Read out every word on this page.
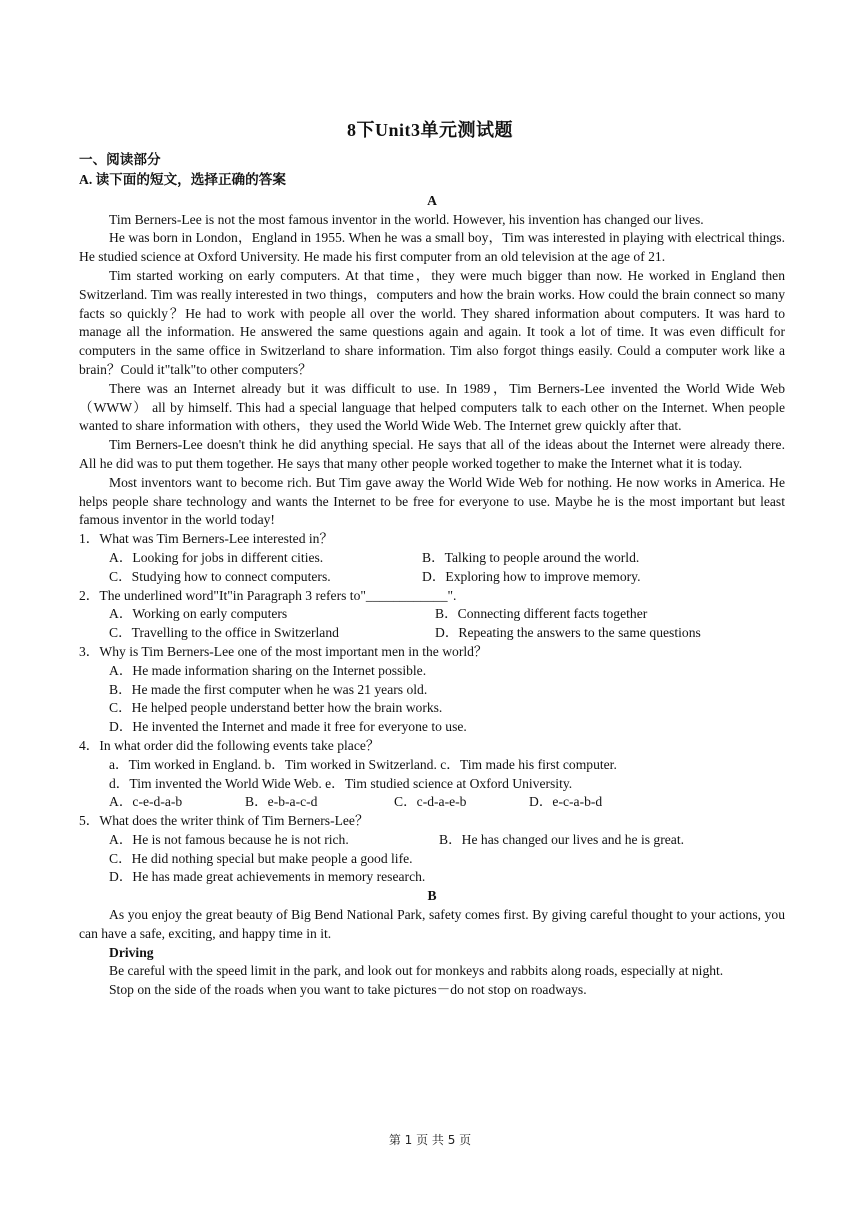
8下Unit3单元测试题
一、阅读部分
A. 读下面的短文，选择正确的答案
A

Tim Berners-Lee is not the most famous inventor in the world. However, his invention has changed our lives.

He was born in London，England in 1955. When he was a small boy，Tim was interested in playing with electrical things. He studied science at Oxford University. He made his first computer from an old television at the age of 21.

Tim started working on early computers. At that time，they were much bigger than now. He worked in England then Switzerland. Tim was really interested in two things，computers and how the brain works. How could the brain connect so many facts so quickly？He had to work with people all over the world. They shared information about computers. It was hard to manage all the information. He answered the same questions again and again. It took a lot of time. It was even difficult for computers in the same office in Switzerland to share information. Tim also forgot things easily. Could a computer work like a brain？Could it"talk"to other computers？

There was an Internet already but it was difficult to use. In 1989，Tim Berners-Lee invented the World Wide Web（WWW） all by himself. This had a special language that helped computers talk to each other on the Internet. When people wanted to share information with others，they used the World Wide Web. The Internet grew quickly after that.

Tim Berners-Lee doesn't think he did anything special. He says that all of the ideas about the Internet were already there. All he did was to put them together. He says that many other people worked together to make the Internet what it is today.

Most inventors want to become rich. But Tim gave away the World Wide Web for nothing. He now works in America. He helps people share technology and wants the Internet to be free for everyone to use. Maybe he is the most important but least famous inventor in the world today!

1．What was Tim Berners-Lee interested in？
A．Looking for jobs in different cities.	B．Talking to people around the world.
C．Studying how to connect computers.	D．Exploring how to improve memory.
2．The underlined word"It"in Paragraph 3 refers to"____________".
A．Working on early computers	B．Connecting different facts together
C．Travelling to the office in Switzerland	D．Repeating the answers to the same questions
3．Why is Tim Berners-Lee one of the most important men in the world？
A．He made information sharing on the Internet possible.
B．He made the first computer when he was 21 years old.
C．He helped people understand better how the brain works.
D．He invented the Internet and made it free for everyone to use.
4．In what order did the following events take place？
a．Tim worked in England. b．Tim worked in Switzerland. c．Tim made his first computer.
d．Tim invented the World Wide Web. e．Tim studied science at Oxford University.
A．c-e-d-a-b	B．e-b-a-c-d	C．c-d-a-e-b	D．e-c-a-b-d
5．What does the writer think of Tim Berners-Lee？
A．He is not famous because he is not rich.	B．He has changed our lives and he is great.
C．He did nothing special but make people a good life.
D．He has made great achievements in memory research.
B

As you enjoy the great beauty of Big Bend National Park, safety comes first. By giving careful thought to your actions, you can have a safe, exciting, and happy time in it.

Driving

Be careful with the speed limit in the park, and look out for monkeys and rabbits along roads, especially at night.

Stop on the side of the roads when you want to take pictures－do not stop on roadways.

第 1 页 共 5 页
